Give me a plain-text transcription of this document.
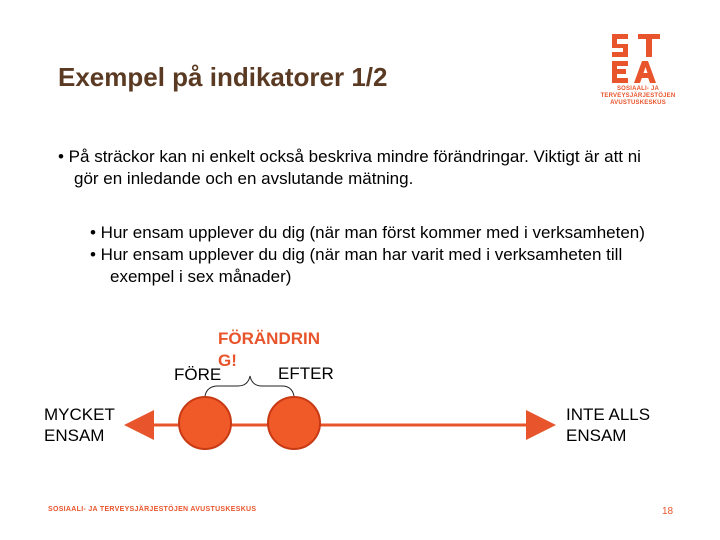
Exempel på indikatorer 1/2	SOSIAALI- JA
TERVEYSJÄRJESTÖJEN
AVUSTUSKESKUS
• På sträckor kan ni enkelt också beskriva mindre förändringar. Viktigt är att ni gör en inledande och en avslutande mätning.
• Hur ensam upplever du dig (när man först kommer med i verksamheten)
• Hur ensam upplever du dig (när man har varit med i verksamheten till exempel i sex månader)
FÖRÄNDRIN
G!
FÖRE	EFTER
MYCKET
ENSAM
INTE ALLS
ENSAM
SOSIAALI- JA TERVEYSJÄRJESTÖJEN AVUSTUSKESKUS	18
